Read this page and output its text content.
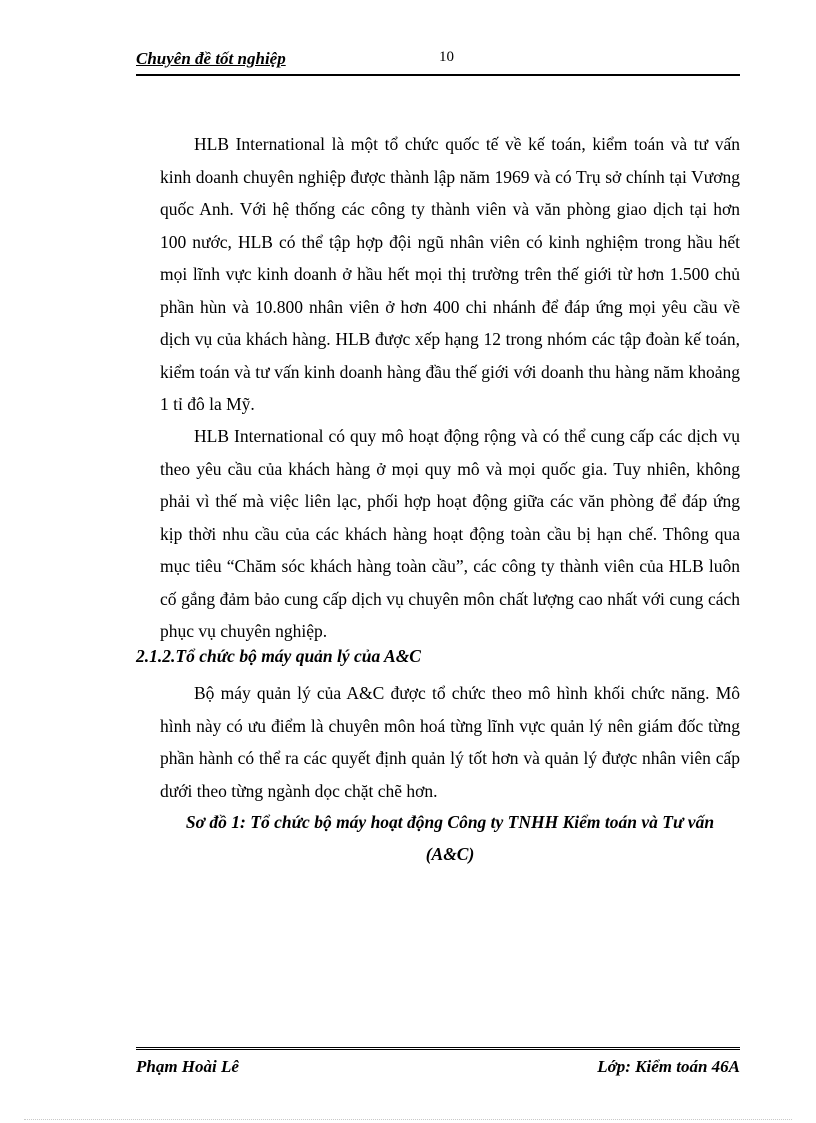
Chuyên đề tốt nghiệp	10

HLB International là một tổ chức quốc tế về kế toán, kiểm toán và tư vấn kinh doanh chuyên nghiệp được thành lập năm 1969 và có Trụ sở chính tại Vương quốc Anh. Với hệ thống các công ty thành viên và văn phòng giao dịch tại hơn 100 nước, HLB có thể tập hợp đội ngũ nhân viên có kinh nghiệm trong hầu hết mọi lĩnh vực kinh doanh ở hầu hết mọi thị trường trên thế giới từ hơn 1.500 chủ phần hùn và 10.800 nhân viên ở hơn 400 chi nhánh để đáp ứng mọi yêu cầu về dịch vụ của khách hàng. HLB được xếp hạng 12 trong nhóm các tập đoàn kế toán, kiểm toán và tư vấn kinh doanh hàng đầu thế giới với doanh thu hàng năm khoảng 1 tỉ đô la Mỹ.

HLB International có quy mô hoạt động rộng và có thể cung cấp các dịch vụ theo yêu cầu của khách hàng ở mọi quy mô và mọi quốc gia. Tuy nhiên, không phải vì thế mà việc liên lạc, phối hợp hoạt động giữa các văn phòng để đáp ứng kịp thời nhu cầu của các khách hàng hoạt động toàn cầu bị hạn chế. Thông qua mục tiêu “Chăm sóc khách hàng toàn cầu”, các công ty thành viên của HLB luôn cố gắng đảm bảo cung cấp dịch vụ chuyên môn chất lượng cao nhất với cung cách phục vụ chuyên nghiệp.

2.1.2.Tổ chức bộ máy quản lý của A&C

Bộ máy quản lý của A&C được tổ chức theo mô hình khối chức năng. Mô hình này có ưu điểm là chuyên môn hoá từng lĩnh vực quản lý nên giám đốc từng phần hành có thể ra các quyết định quản lý tốt hơn và quản lý được nhân viên cấp dưới theo từng ngành dọc chặt chẽ hơn.

Sơ đồ 1: Tổ chức bộ máy hoạt động Công ty TNHH Kiểm toán và Tư vấn (A&C)

Phạm Hoài Lê	Lớp: Kiểm toán 46A
